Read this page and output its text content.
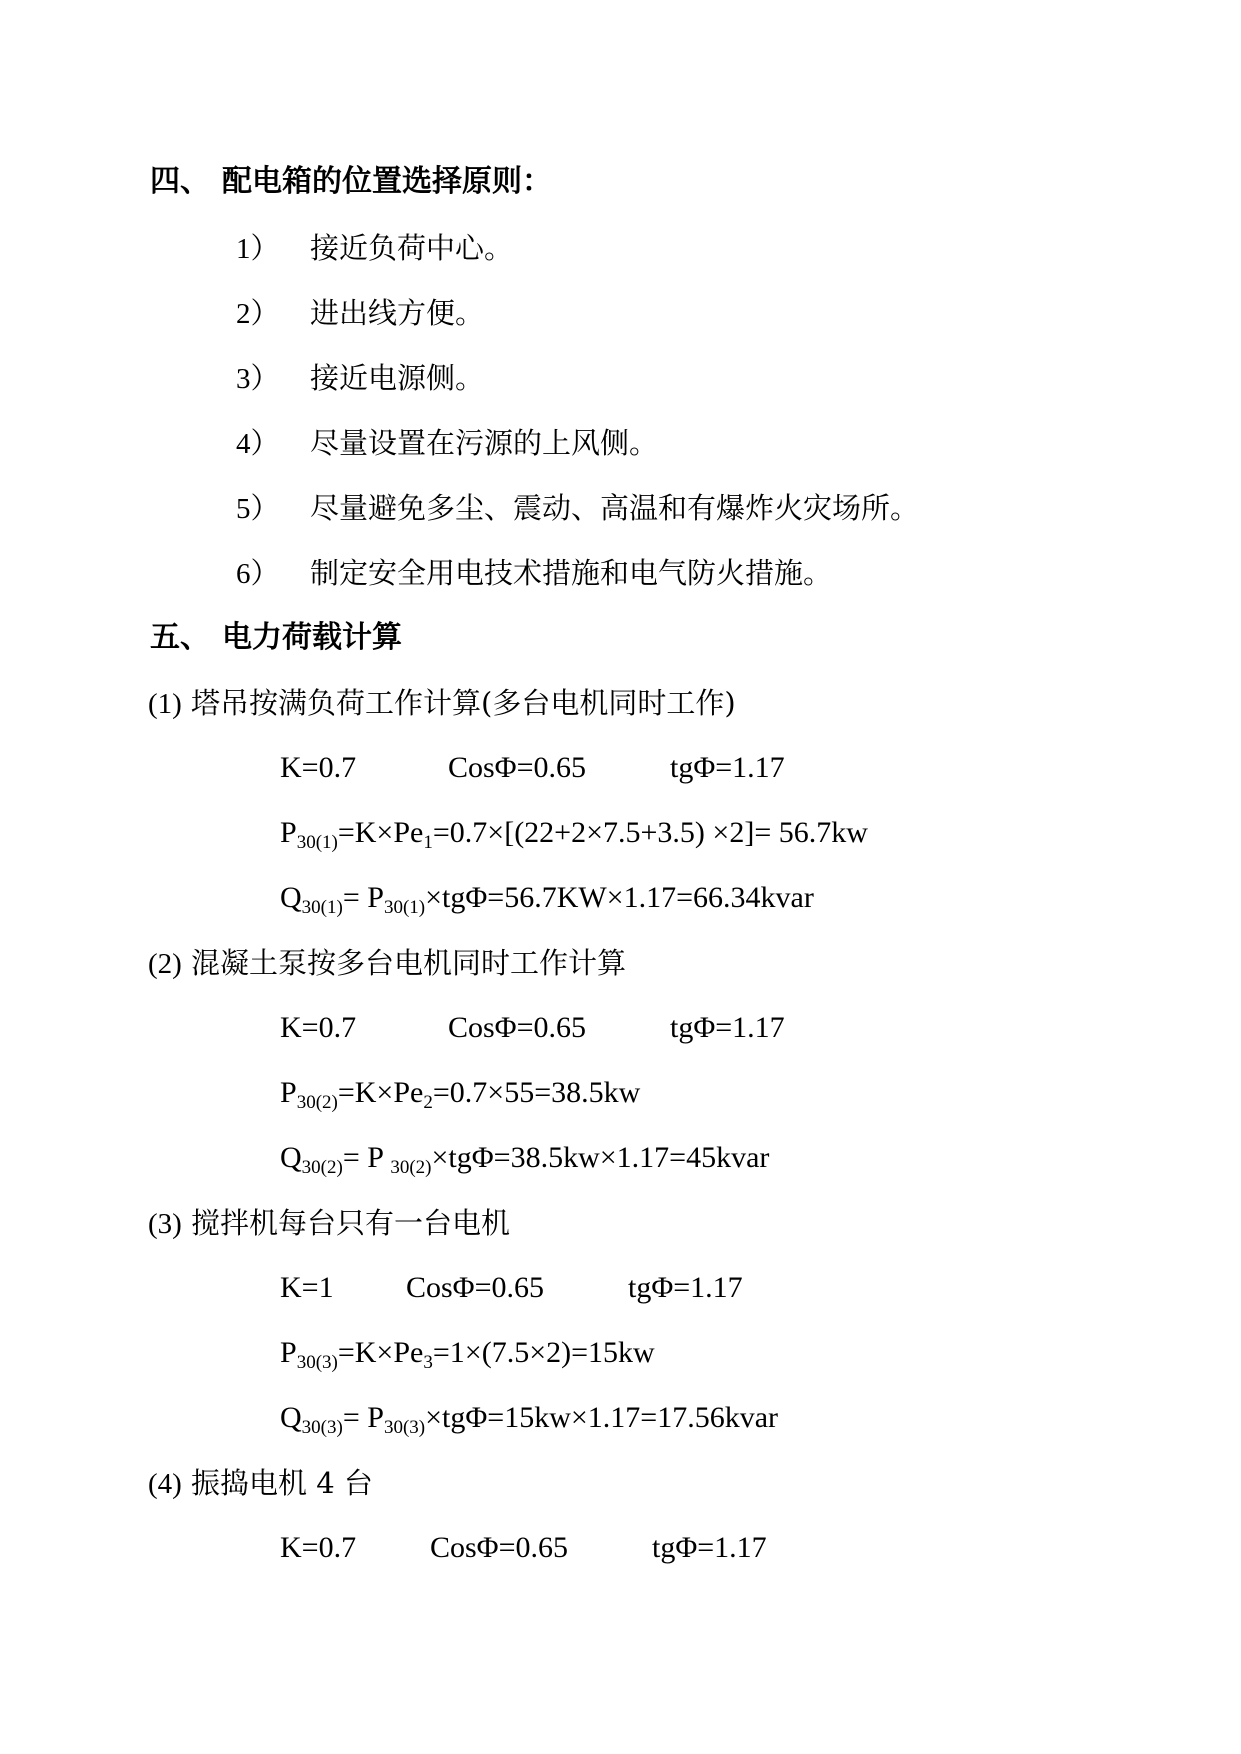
四、 配电箱的位置选择原则：
1） 接近负荷中心。
2） 进出线方便。
3） 接近电源侧。
4） 尽量设置在污源的上风侧。
5） 尽量避免多尘、震动、高温和有爆炸火灾场所。
6） 制定安全用电技术措施和电气防火措施。
五、 电力荷载计算
(1) 塔吊按满负荷工作计算(多台电机同时工作)
K=0.7	CosΦ=0.65	tgΦ=1.17
$P_{30(1)}=K\times Pe_1=0.7\times[(22+2\times 7.5+3.5) \times 2]= 56.7kw$
$Q_{30(1)}=$ $P_{30(1)}\times tg\Phi=56.7KW\times 1.17=66.34kvar$
(2) 混凝土泵按多台电机同时工作计算
K=0.7	CosΦ=0.65	tgΦ=1.17
$P_{30(2)}=K\times Pe_2=0.7\times 55=38.5kw$
$Q_{30(2)}= P$ $_{30(2)}$×tgΦ=38.5kw×1.17=45kvar
(3) 搅拌机每台只有一台电机
K=1 CosΦ=0.65	tgΦ=1.17
$P_{30(3)}=K\times Pe_3=1\times(7.5\times 2)=15kw$
$Q_{30(3)}=$ $P_{30(3)}\times tg\Phi=15kw\times 1.17=17.56kvar$
(4) 振捣电机 4 台
K=0.7 CosΦ=0.65	tgΦ=1.17
